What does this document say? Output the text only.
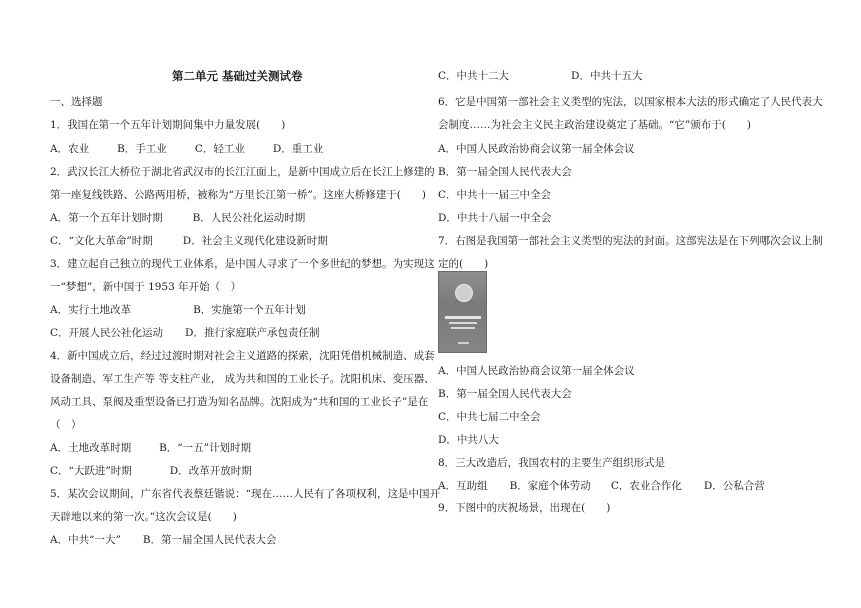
第二单元 基础过关测试卷
一、选择题
1．我国在第一个五年计划期间集中力量发展(　　)
A．农业	B．手工业	C．轻工业	D．重工业
2．武汉长江大桥位于湖北省武汉市的长江江面上，是新中国成立后在长江上修建的
第一座复线铁路、公路两用桥，被称为“万里长江第一桥”。这座大桥修建于(　　)
A．第一个五年计划时期	B．人民公社化运动时期
C．“文化大革命”时期	D．社会主义现代化建设新时期
3．建立起自己独立的现代工业体系，是中国人寻求了一个多世纪的梦想。为实现这
一“梦想”，新中国于 1953 年开始（　）
A．实行土地改革	B．实施第一个五年计划
C．开展人民公社化运动 D．推行家庭联产承包责任制
4．新中国成立后，经过过渡时期对社会主义道路的探索，沈阳凭借机械制造、成套
设备制造、军工生产等 等支柱产业， 成为共和国的工业长子。沈阳机床、变压器、
风动工具、泵阀及重型设备已打造为知名品牌。沈阳成为“共和国的工业长子”是在
（　）
A．土地改革时期	B．“一五”计划时期
C．“大跃进”时期	D．改革开放时期
5．某次会议期间，广东省代表蔡廷锴说：“现在……人民有了各项权利，这是中国开
天辟地以来的第一次。”这次会议是(　　)
A．中共“一大” B．第一届全国人民代表大会
C．中共十二大	D．中共十五大
6．它是中国第一部社会主义类型的宪法，以国家根本大法的形式确定了人民代表大
会制度……为社会主义民主政治建设奠定了基础。“它”颁布于(　　)
A．中国人民政治协商会议第一届全体会议
B．第一届全国人民代表大会
C．中共十一届三中全会
D．中共十八届一中全会
7．右图是我国第一部社会主义类型的宪法的封面。这部宪法是在下列哪次会议上制
定的(　　)
A．中国人民政治协商会议第一届全体会议
B．第一届全国人民代表大会
C．中共七届二中全会
D．中共八大
8．三大改造后，我国农村的主要生产组织形式是
A．互助组 B．家庭个体劳动 C．农业合作化 D．公私合营
9．下图中的庆祝场景，出现在(　　)
